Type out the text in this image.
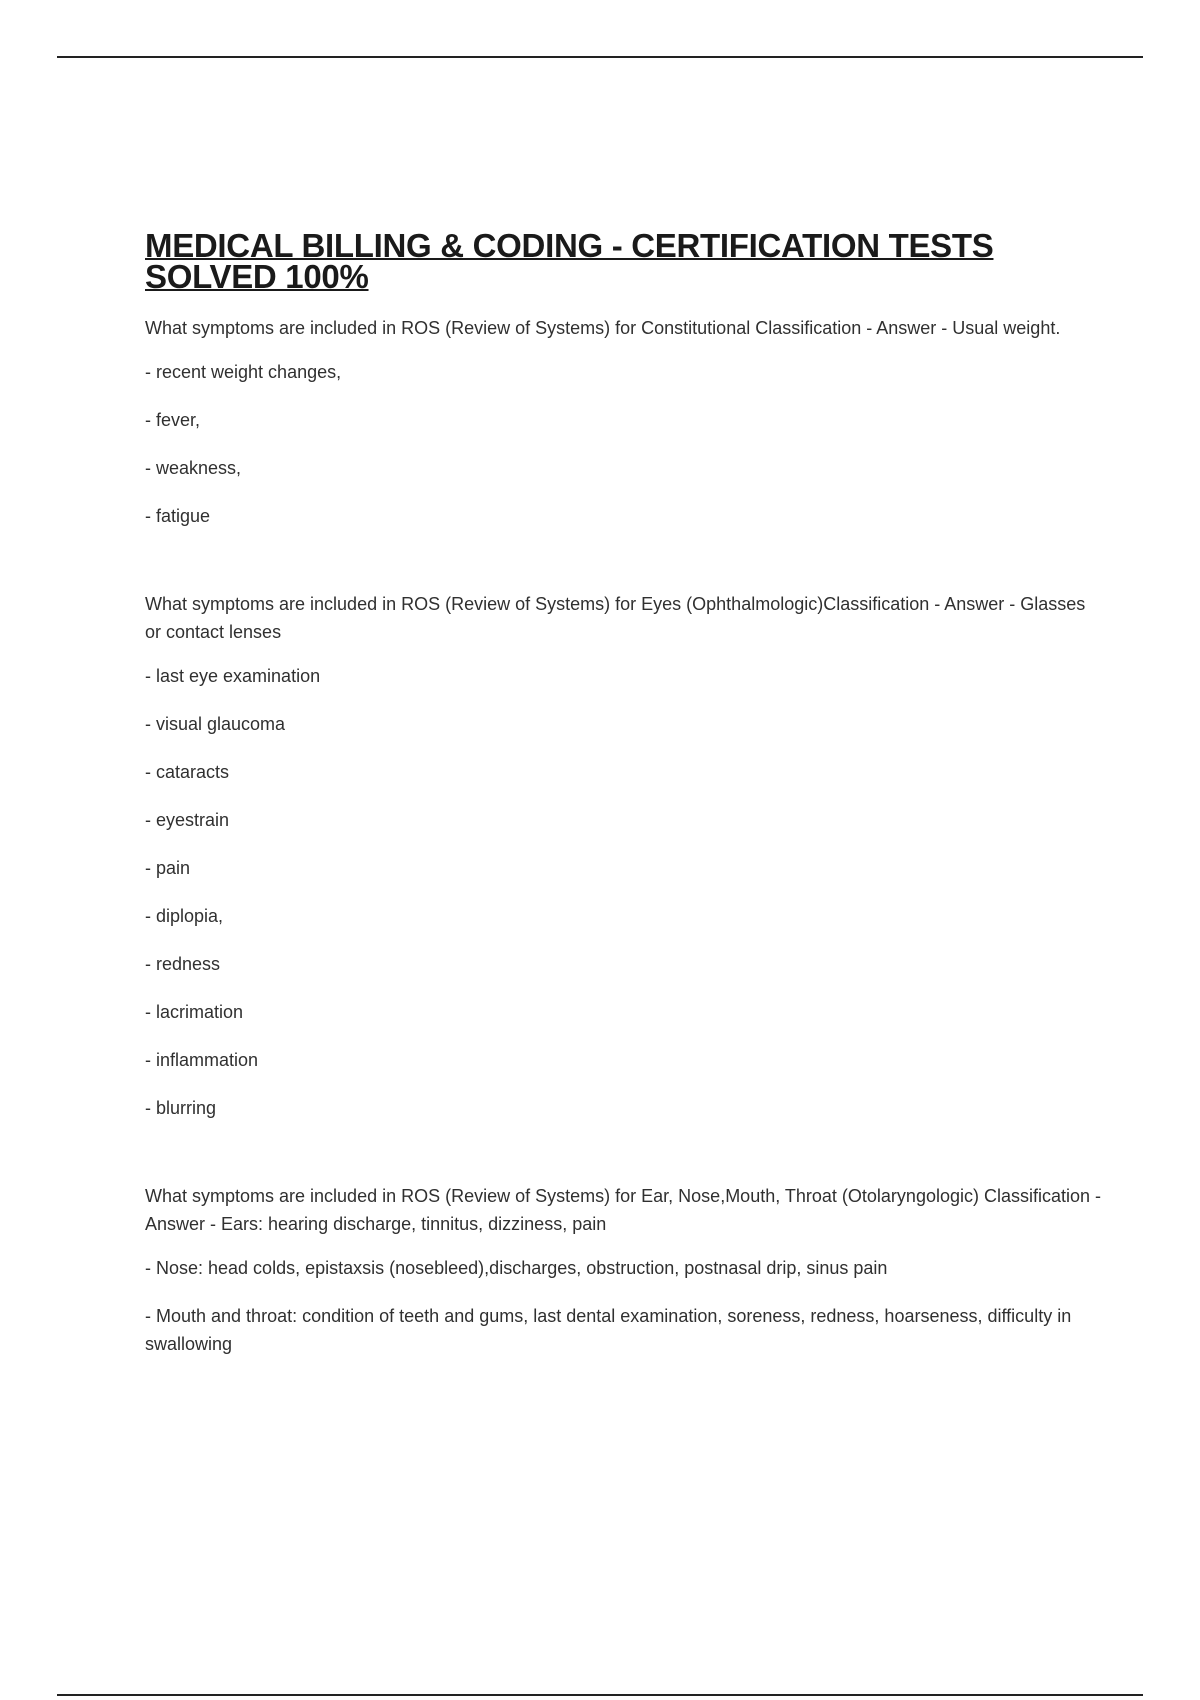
MEDICAL BILLING & CODING - CERTIFICATION TESTS
SOLVED 100%

What symptoms are included in ROS (Review of Systems) for Constitutional Classification - Answer - Usual weight.

- recent weight changes,

- fever,

- weakness,

- fatigue

What symptoms are included in ROS (Review of Systems) for Eyes (Ophthalmologic)Classification - Answer - Glasses or contact lenses

- last eye examination

- visual glaucoma

- cataracts

- eyestrain

- pain

- diplopia,

- redness

- lacrimation

- inflammation

- blurring

What symptoms are included in ROS (Review of Systems) for Ear, Nose,Mouth, Throat (Otolaryngologic) Classification - Answer - Ears: hearing discharge, tinnitus, dizziness, pain

- Nose: head colds, epistaxsis (nosebleed),discharges, obstruction, postnasal drip, sinus pain

- Mouth and throat: condition of teeth and gums, last dental examination, soreness, redness, hoarseness, difficulty in swallowing
